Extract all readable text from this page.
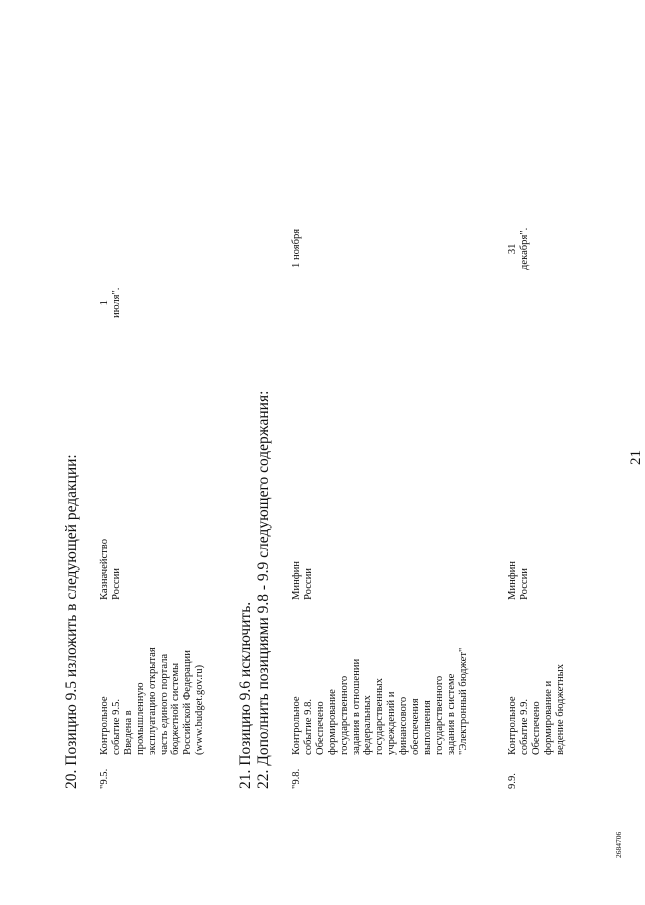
21
20. Позицию 9.5 изложить в следующей редакции: "9.5.
Контрольное событие 9.5. Введена в промышленную эксплуатацию открытая часть единого портала бюджетной системы Российской Федерации (www.budget.gov.ru)
Казначейство России
1 июля".
21. Позицию 9.6 исключить. 22. Дополнить позициями 9.8 - 9.9 следующего содержания: "9.8.
Контрольное событие 9.8. Обеспечено формирование государственного задания в отношении федеральных государственных учреждений и финансового обеспечения выполнения государственного задания в системе "Электронный бюджет"
Минфин России
1 ноября
9.9.
Контрольное событие 9.9. Обеспечено формирование и ведение бюджетных
Минфин России
31 декабря".
2684706
